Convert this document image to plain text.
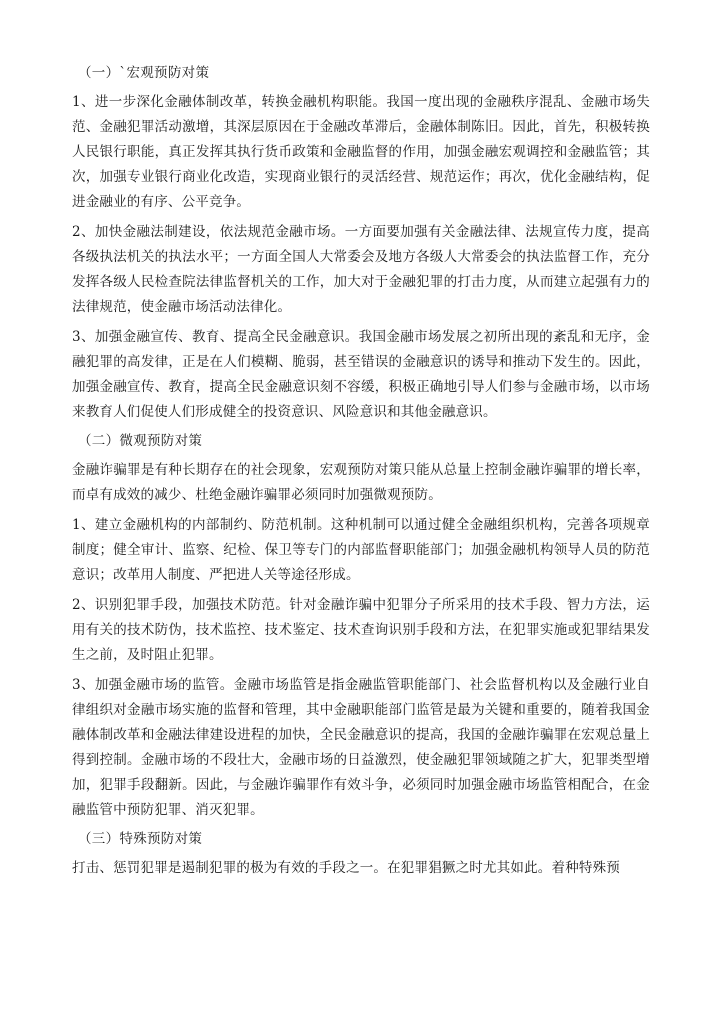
（一）`宏观预防对策

1、进一步深化金融体制改革，转换金融机构职能。我国一度出现的金融秩序混乱、金融市场失范、金融犯罪活动激增，其深层原因在于金融改革滞后，金融体制陈旧。因此，首先，积极转换人民银行职能，真正发挥其执行货币政策和金融监督的作用，加强金融宏观调控和金融监管；其次，加强专业银行商业化改造，实现商业银行的灵活经营、规范运作；再次，优化金融结构，促进金融业的有序、公平竞争。

2、加快金融法制建设，依法规范金融市场。一方面要加强有关金融法律、法规宣传力度，提高各级执法机关的执法水平；一方面全国人大常委会及地方各级人大常委会的执法监督工作，充分发挥各级人民检查院法律监督机关的工作，加大对于金融犯罪的打击力度，从而建立起强有力的法律规范，使金融市场活动法律化。

3、加强金融宣传、教育、提高全民金融意识。我国金融市场发展之初所出现的紊乱和无序，金融犯罪的高发律，正是在人们模糊、脆弱，甚至错误的金融意识的诱导和推动下发生的。因此，加强金融宣传、教育，提高全民金融意识刻不容缓，积极正确地引导人们参与金融市场，以市场来教育人们促使人们形成健全的投资意识、风险意识和其他金融意识。

（二）微观预防对策

金融诈骗罪是有种长期存在的社会现象，宏观预防对策只能从总量上控制金融诈骗罪的增长率，而卓有成效的减少、杜绝金融诈骗罪必须同时加强微观预防。

1、建立金融机构的内部制约、防范机制。这种机制可以通过健全金融组织机构，完善各项规章制度；健全审计、监察、纪检、保卫等专门的内部监督职能部门；加强金融机构领导人员的防范意识；改革用人制度、严把进人关等途径形成。

2、识别犯罪手段，加强技术防范。针对金融诈骗中犯罪分子所采用的技术手段、智力方法，运用有关的技术防伪，技术监控、技术鉴定、技术查询识别手段和方法，在犯罪实施或犯罪结果发生之前，及时阻止犯罪。

3、加强金融市场的监管。金融市场监管是指金融监管职能部门、社会监督机构以及金融行业自律组织对金融市场实施的监督和管理，其中金融职能部门监管是最为关键和重要的，随着我国金融体制改革和金融法律建设进程的加快，全民金融意识的提高，我国的金融诈骗罪在宏观总量上得到控制。金融市场的不段壮大，金融市场的日益激烈，使金融犯罪领域随之扩大，犯罪类型增加，犯罪手段翻新。因此，与金融诈骗罪作有效斗争，必须同时加强金融市场监管相配合，在金融监管中预防犯罪、消灭犯罪。

（三）特殊预防对策

打击、惩罚犯罪是遏制犯罪的极为有效的手段之一。在犯罪猖獗之时尤其如此。着种特殊预
